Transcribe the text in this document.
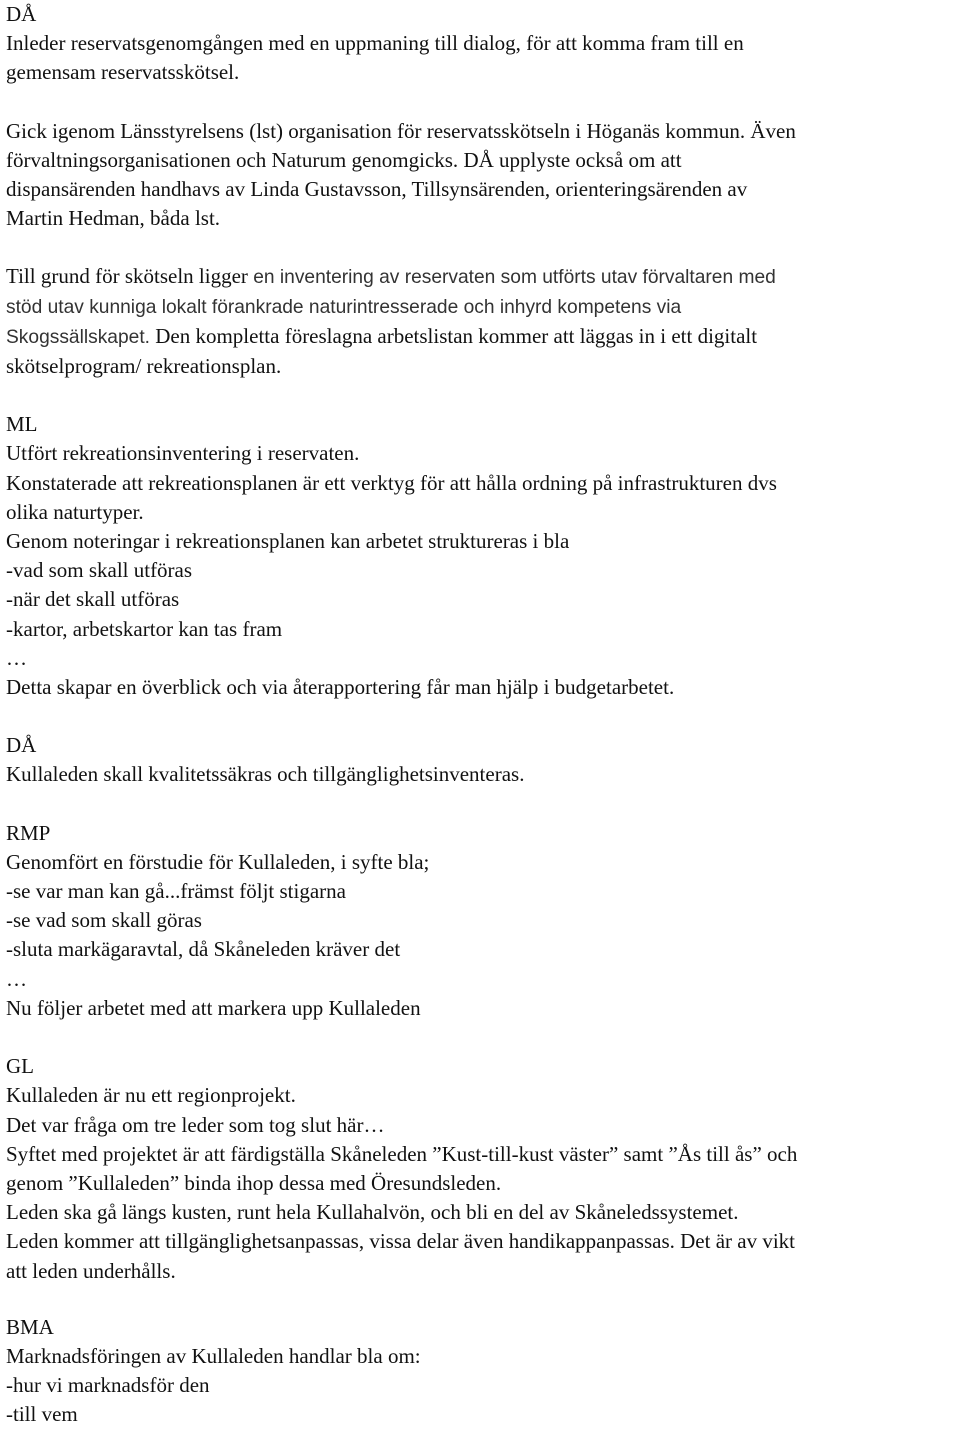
DÅ
Inleder reservatsgenomgången med en uppmaning till dialog, för att komma fram till en
gemensam reservatsskötsel.
Gick igenom Länsstyrelsens (lst) organisation för reservatsskötseln i Höganäs kommun. Även
förvaltningsorganisationen och Naturum genomgicks. DÅ upplyste också om att
dispansärenden handhavs av Linda Gustavsson, Tillsynsärenden, orienteringsärenden av
Martin Hedman, båda lst.
Till grund för skötseln ligger en inventering av reservaten som utförts utav förvaltaren med
stöd utav kunniga lokalt förankrade naturintresserade och inhyrd kompetens via
Skogssällskapet. Den kompletta föreslagna arbetslistan kommer att läggas in i ett digitalt
skötselprogram/ rekreationsplan.
ML
Utfört rekreationsinventering i reservaten.
Konstaterade att rekreationsplanen är ett verktyg för att hålla ordning på infrastrukturen dvs
olika naturtyper.
Genom noteringar i rekreationsplanen kan arbetet struktureras i bla
-vad som skall utföras
-när det skall utföras
-kartor, arbetskartor kan tas fram
…
Detta skapar en överblick och via återapportering får man hjälp i budgetarbetet.
DÅ
Kullaleden skall kvalitetssäkras och tillgänglighetsinventeras.
RMP
Genomfört en förstudie för Kullaleden, i syfte bla;
-se var man kan gå...främst följt stigarna
-se vad som skall göras
-sluta markägaravtal, då Skåneleden kräver det
…
Nu följer arbetet med att markera upp Kullaleden
GL
Kullaleden är nu ett regionprojekt.
Det var fråga om tre leder som tog slut här…
Syftet med projektet är att färdigställa Skåneleden ”Kust-till-kust väster” samt ”Ås till ås” och
genom ”Kullaleden” binda ihop dessa med Öresundsleden.
Leden ska gå längs kusten, runt hela Kullahalvön, och bli en del av Skåneledssystemet.
Leden kommer att tillgänglighetsanpassas, vissa delar även handikappanpassas. Det är av vikt
att leden underhålls.
BMA
Marknadsföringen av Kullaleden handlar bla om:
-hur vi marknadsför den
-till vem
